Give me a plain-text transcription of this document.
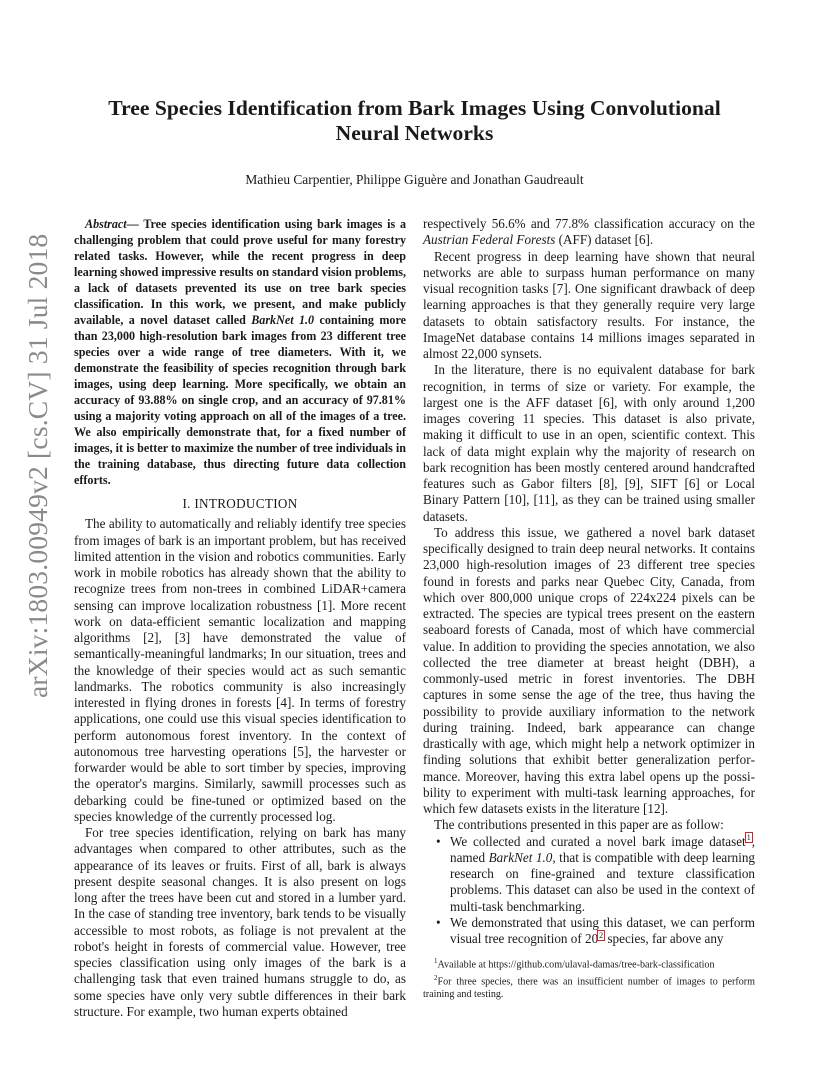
arXiv:1803.00949v2 [cs.CV] 31 Jul 2018
Tree Species Identification from Bark Images Using Convolutional
Neural Networks
Mathieu Carpentier, Philippe Giguère and Jonathan Gaudreault

Abstract— Tree species identification using bark images is a challenging problem that could prove useful for many forestry related tasks. However, while the recent progress in deep learning showed impressive results on standard vision problems, a lack of datasets prevented its use on tree bark species classification. In this work, we present, and make publicly available, a novel dataset called BarkNet 1.0 containing more than 23,000 high-resolution bark images from 23 different tree species over a wide range of tree diameters. With it, we demonstrate the feasibility of species recognition through bark images, using deep learning. More specifically, we obtain an accuracy of 93.88% on single crop, and an accuracy of 97.81% using a majority voting approach on all of the images of a tree. We also empirically demonstrate that, for a fixed number of images, it is better to maximize the number of tree individuals in the training database, thus directing future data collection efforts.

I. INTRODUCTION

The ability to automatically and reliably identify tree species from images of bark is an important problem, but has received limited attention in the vision and robotics communities. Early work in mobile robotics has already shown that the ability to recognize trees from non-trees in combined LiDAR+camera sensing can improve localization robustness [1]. More recent work on data-efficient semantic localization and mapping algorithms [2], [3] have demonstrated the value of semantically-meaningful landmarks; In our situation, trees and the knowledge of their species would act as such semantic landmarks. The robotics community is also increasingly interested in flying drones in forests [4]. In terms of forestry applications, one could use this visual species identification to perform autonomous forest inventory. In the context of autonomous tree harvesting operations [5], the harvester or forwarder would be able to sort timber by species, improving the operator's margins. Similarly, sawmill processes such as debarking could be fine-tuned or optimized based on the species knowledge of the currently processed log.

For tree species identification, relying on bark has many advantages when compared to other attributes, such as the appearance of its leaves or fruits. First of all, bark is always present despite seasonal changes. It is also present on logs long after the trees have been cut and stored in a lumber yard. In the case of standing tree inventory, bark tends to be visually accessible to most robots, as foliage is not prevalent at the robot's height in forests of commercial value. However, tree species classification using only images of the bark is a challenging task that even trained humans struggle to do, as some species have only very subtle differences in their bark structure. For example, two human experts obtained

respectively 56.6% and 77.8% classification accuracy on the Austrian Federal Forests (AFF) dataset [6].

Recent progress in deep learning have shown that neural networks are able to surpass human performance on many visual recognition tasks [7]. One significant drawback of deep learning approaches is that they generally require very large datasets to obtain satisfactory results. For instance, the ImageNet database contains 14 millions images separated in almost 22,000 synsets.

In the literature, there is no equivalent database for bark recognition, in terms of size or variety. For example, the largest one is the AFF dataset [6], with only around 1,200 images covering 11 species. This dataset is also private, making it difficult to use in an open, scientific context. This lack of data might explain why the majority of research on bark recognition has been mostly centered around handcrafted features such as Gabor filters [8], [9], SIFT [6] or Local Binary Pattern [10], [11], as they can be trained using smaller datasets.

To address this issue, we gathered a novel bark dataset specifically designed to train deep neural networks. It contains 23,000 high-resolution images of 23 different tree species found in forests and parks near Quebec City, Canada, from which over 800,000 unique crops of 224x224 pixels can be extracted. The species are typical trees present on the eastern seaboard forests of Canada, most of which have commercial value. In addition to providing the species annotation, we also collected the tree diameter at breast height (DBH), a commonly-used metric in forest inventories. The DBH captures in some sense the age of the tree, thus having the possibility to provide auxiliary information to the network during training. Indeed, bark appearance can change drastically with age, which might help a network optimizer in finding solutions that exhibit better generalization performance. Moreover, having this extra label opens up the possibility to experiment with multi-task learning approaches, for which few datasets exists in the literature [12].

The contributions presented in this paper are as follow:

• We collected and curated a novel bark image dataset$^1$, named BarkNet 1.0, that is compatible with deep learning research on fine-grained and texture classification problems. This dataset can also be used in the context of multi-task benchmarking.
• We demonstrated that using this dataset, we can perform visual tree recognition of 20$^2$ species, far above any

$^1$Available at https://github.com/ulaval-damas/tree-bark-classification

$^2$For three species, there was an insufficient number of images to perform training and testing.
